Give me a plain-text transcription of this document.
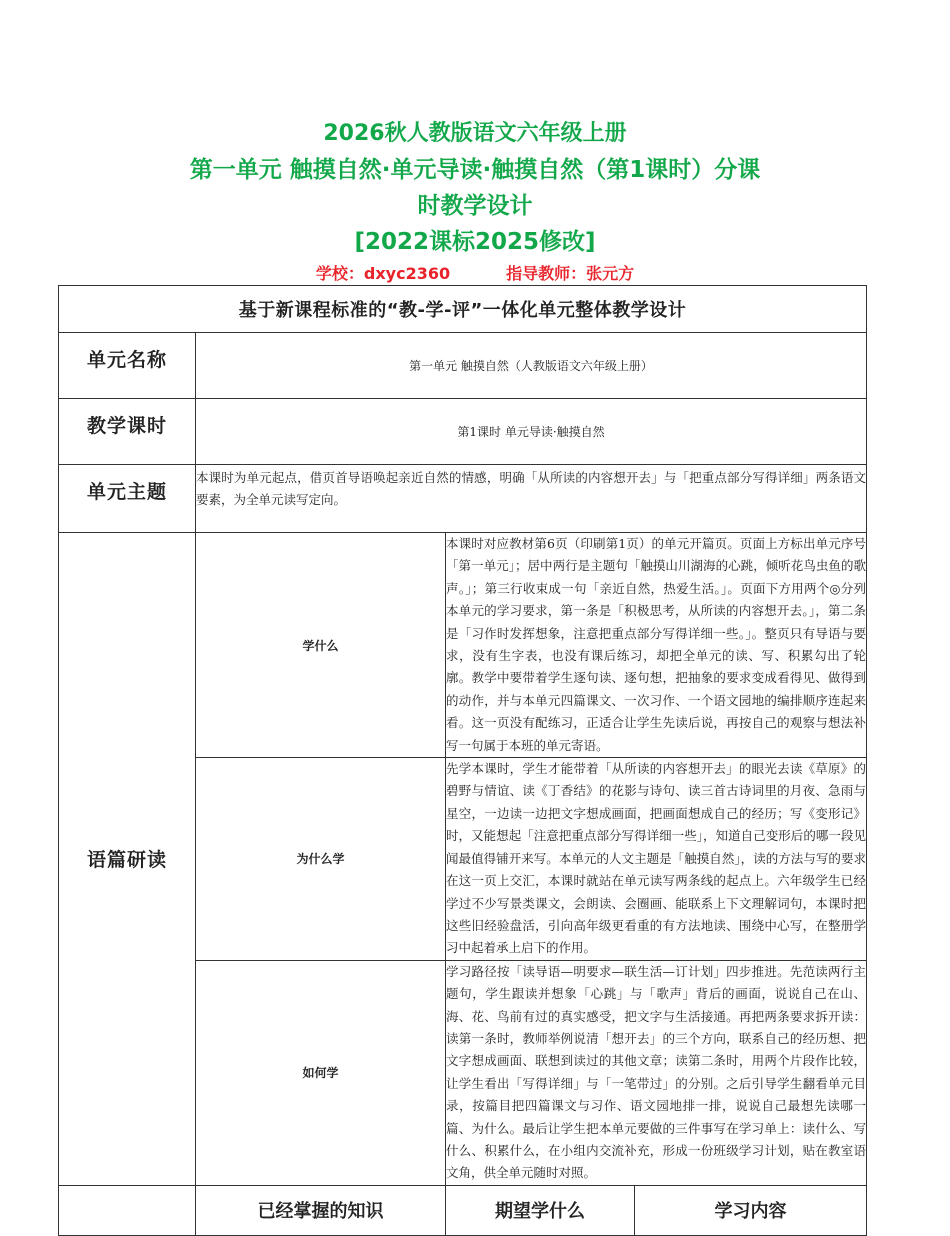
2026秋人教版语文六年级上册
第一单元 触摸自然·单元导读·触摸自然（第1课时）分课
时教学设计
[2022课标2025修改]
学校：dxyc2360	指导教师：张元方
基于新课程标准的“教-学-评”一体化单元整体教学设计			
单元名称	第一单元 触摸自然（人教版语文六年级上册）		
教学课时	第1课时 单元导读·触摸自然		
单元主题	本课时为单元起点，借页首导语唤起亲近自然的情感，明确「从所读的内容想开去」与「把重点部分写得详细」两条语文要素，为全单元读写定向。		
语篇研读	学什么	本课时对应教材第6页（印刷第1页）的单元开篇页。页面上方标出单元序号「第一单元」；居中两行是主题句「触摸山川湖海的心跳，倾听花鸟虫鱼的歌声。」；第三行收束成一句「亲近自然，热爱生活。」。页面下方用两个◎分列本单元的学习要求，第一条是「积极思考，从所读的内容想开去。」，第二条是「习作时发挥想象，注意把重点部分写得详细一些。」。整页只有导语与要求，没有生字表，也没有课后练习，却把全单元的读、写、积累勾出了轮廓。教学中要带着学生逐句读、逐句想，把抽象的要求变成看得见、做得到的动作，并与本单元四篇课文、一次习作、一个语文园地的编排顺序连起来看。这一页没有配练习，正适合让学生先读后说，再按自己的观察与想法补写一句属于本班的单元寄语。	
	为什么学	先学本课时，学生才能带着「从所读的内容想开去」的眼光去读《草原》的碧野与情谊、读《丁香结》的花影与诗句、读三首古诗词里的月夜、急雨与星空，一边读一边把文字想成画面，把画面想成自己的经历；写《变形记》时，又能想起「注意把重点部分写得详细一些」，知道自己变形后的哪一段见闻最值得铺开来写。本单元的人文主题是「触摸自然」，读的方法与写的要求在这一页上交汇，本课时就站在单元读写两条线的起点上。六年级学生已经学过不少写景类课文，会朗读、会圈画、能联系上下文理解词句，本课时把这些旧经验盘活，引向高年级更看重的有方法地读、围绕中心写，在整册学习中起着承上启下的作用。	
	如何学	学习路径按「读导语—明要求—联生活—订计划」四步推进。先范读两行主题句，学生跟读并想象「心跳」与「歌声」背后的画面，说说自己在山、海、花、鸟前有过的真实感受，把文字与生活接通。再把两条要求拆开读：读第一条时，教师举例说清「想开去」的三个方向，联系自己的经历想、把文字想成画面、联想到读过的其他文章；读第二条时，用两个片段作比较，让学生看出「写得详细」与「一笔带过」的分别。之后引导学生翻看单元目录，按篇目把四篇课文与习作、语文园地排一排，说说自己最想先读哪一篇、为什么。最后让学生把本单元要做的三件事写在学习单上：读什么、写什么、积累什么，在小组内交流补充，形成一份班级学习计划，贴在教室语文角，供全单元随时对照。	
	已经掌握的知识	期望学什么	学习内容
